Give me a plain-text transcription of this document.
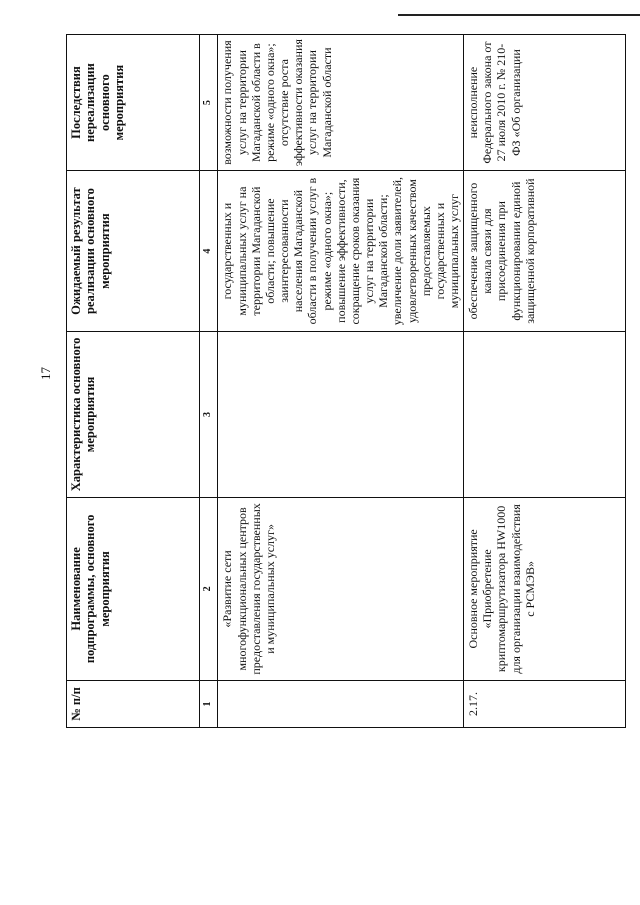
17
№ п/п	Наименование подпрограммы, основного мероприятия	Характеристика основного мероприятия	Ожидаемый результат реализации основного мероприятия	Последствия нереализации основного мероприятия
1	2	3	4	5
	«Развитие сети многофункциональных центров предоставления государственных и муниципальных услуг»		государственных и муниципальных услуг на территории Магаданской области; повышение заинтересованности населения Магаданской области в получении услуг в режиме «одного окна»; повышение эффективности, сокращение сроков оказания услуг на территории Магаданской области; увеличение доли заявителей, удовлетворенных качеством предоставляемых государственных и муниципальных услуг	возможности получения услуг на территории Магаданской области в режиме «одного окна»; отсутствие роста эффективности оказания услуг на территории Магаданской области
2.17.	Основное мероприятие «Приобретение криптомаршрутизатора HW1000 для организации взаимодействия с РСМЭВ»		обеспечение защищенного канала связи для присоединения при функционировании единой защищенной корпоративной	неисполнение Федерального закона от 27 июля 2010 г. № 210-ФЗ «Об организации
